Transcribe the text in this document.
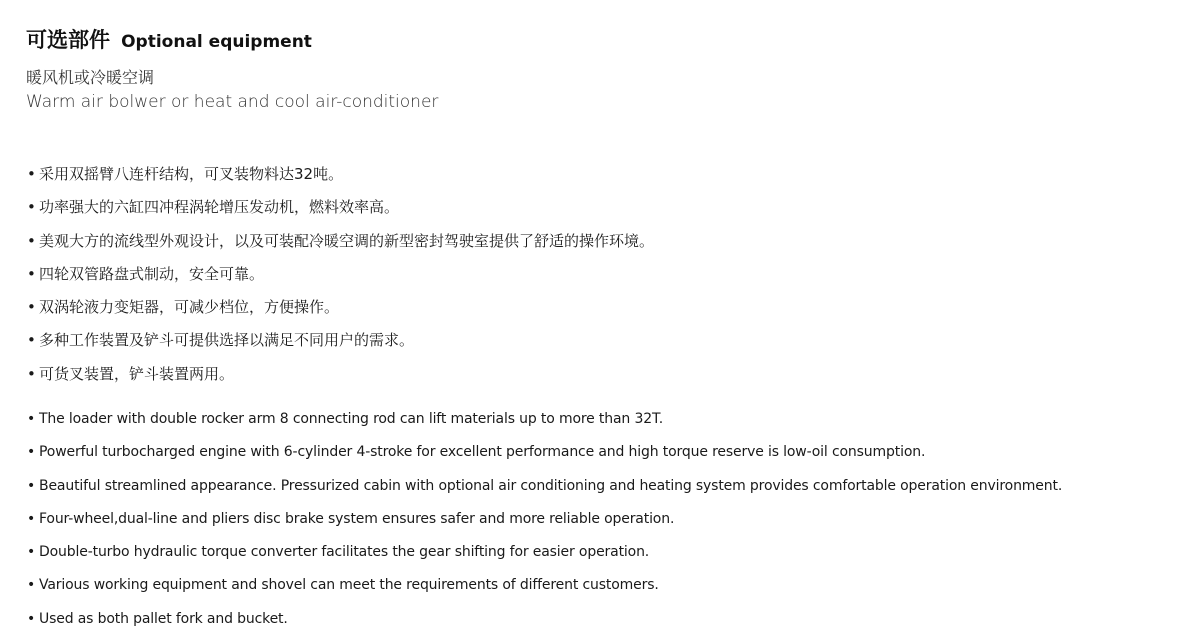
可选部件 Optional equipment
暖风机或冷暖空调
Warm air bolwer or heat and cool air-conditioner
• 采用双摇臂八连杆结构，可叉装物料达32吨。
• 功率强大的六缸四冲程涡轮增压发动机，燃料效率高。
• 美观大方的流线型外观设计，以及可装配冷暖空调的新型密封驾驶室提供了舒适的操作环境。
• 四轮双管路盘式制动，安全可靠。
• 双涡轮液力变矩器，可减少档位，方便操作。
• 多种工作装置及铲斗可提供选择以满足不同用户的需求。
• 可货叉装置，铲斗装置两用。
• The loader with double rocker arm 8 connecting rod can lift materials up to more than 32T.
• Powerful turbocharged engine with 6-cylinder 4-stroke for excellent performance and high torque reserve is low-oil consumption.
• Beautiful streamlined appearance. Pressurized cabin with optional air conditioning and heating system provides comfortable operation environment.
• Four-wheel,dual-line and pliers disc brake system ensures safer and more reliable operation.
• Double-turbo hydraulic torque converter facilitates the gear shifting for easier operation.
• Various working equipment and shovel can meet the requirements of different customers.
• Used as both pallet fork and bucket.
